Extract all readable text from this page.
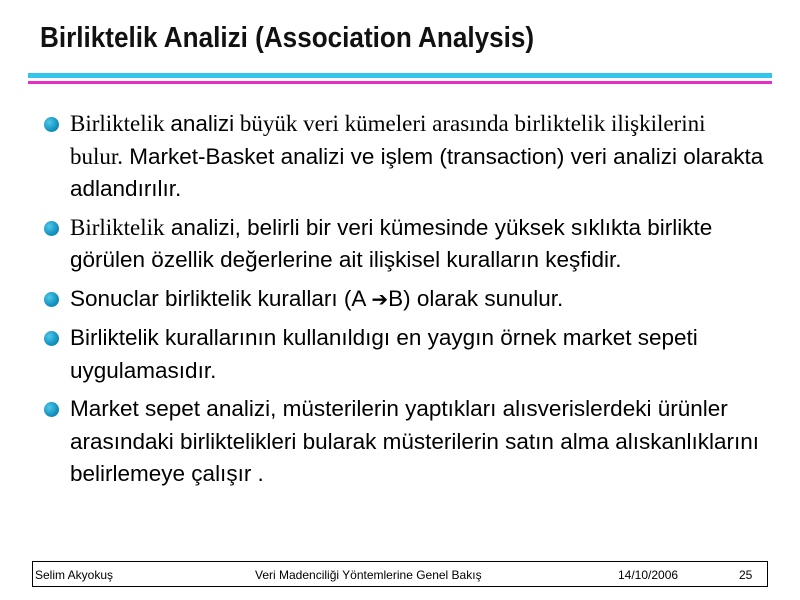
Birliktelik Analizi (Association Analysis)
Birliktelik analizi büyük veri kümeleri arasında birliktelik ilişkilerini bulur. Market-Basket analizi ve işlem (transaction) veri analizi olarakta adlandırılır.
Birliktelik analizi, belirli bir veri kümesinde yüksek sıklıkta birlikte görülen özellik değerlerine ait ilişkisel kuralların keşfidir.
Sonuclar birliktelik kuralları (A ➔B) olarak sunulur.
Birliktelik kurallarının kullanıldıgı en yaygın örnek market sepeti uygulamasıdır.
Market sepet analizi, müsterilerin yaptıkları alısverislerdeki ürünler arasındaki birliktelikleri bularak müsterilerin satın alma alıskanlıklarını belirlemeye çalışır .
Selim Akyokuş	Veri Madenciliği Yöntemlerine Genel Bakış	14/10/2006	25
